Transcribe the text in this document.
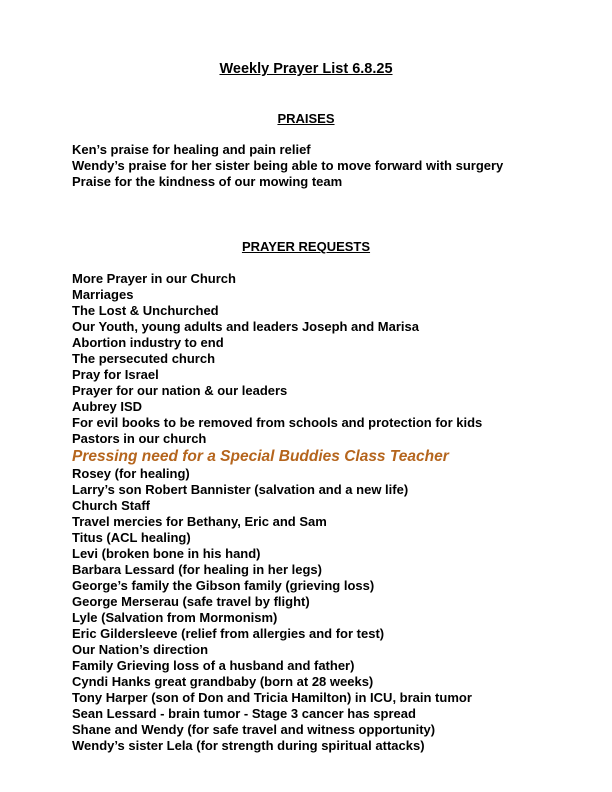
Weekly Prayer List 6.8.25
PRAISES
Ken’s praise for healing and pain relief
Wendy’s praise for her sister being able to move forward with surgery
Praise for the kindness of our mowing team
PRAYER REQUESTS
More Prayer in our Church
Marriages
The Lost & Unchurched
Our Youth, young adults and leaders Joseph and Marisa
Abortion industry to end
The persecuted church
Pray for Israel
Prayer for our nation & our leaders
Aubrey ISD
For evil books to be removed from schools and protection for kids
Pastors in our church
Pressing need for a Special Buddies Class Teacher
Rosey (for healing)
Larry’s son Robert Bannister (salvation and a new life)
Church Staff
Travel mercies for Bethany, Eric and Sam
Titus (ACL healing)
Levi (broken bone in his hand)
Barbara Lessard (for healing in her legs)
George’s family the Gibson family (grieving loss)
George Merserau (safe travel by flight)
Lyle (Salvation from Mormonism)
Eric Gildersleeve (relief from allergies and for test)
Our Nation’s direction
Family Grieving loss of a husband and father)
Cyndi Hanks great grandbaby (born at 28 weeks)
Tony Harper (son of Don and Tricia Hamilton) in ICU, brain tumor
Sean Lessard - brain tumor - Stage 3 cancer has spread
Shane and Wendy (for safe travel and witness opportunity)
Wendy’s sister Lela (for strength during spiritual attacks)
